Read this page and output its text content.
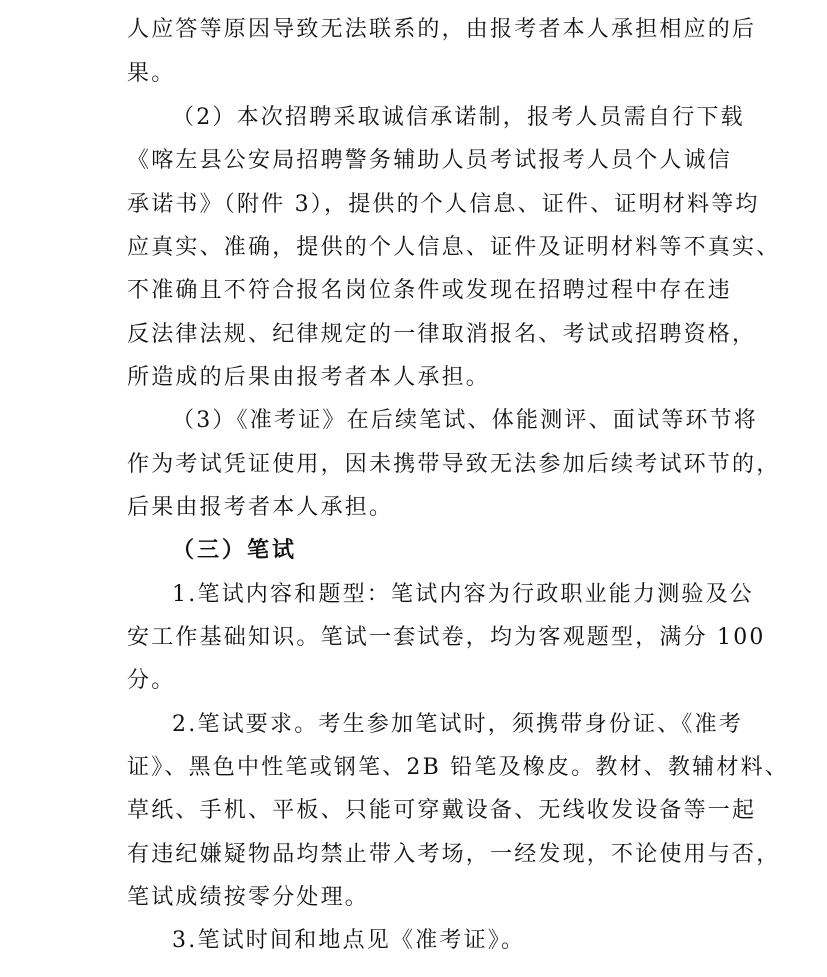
人应答等原因导致无法联系的，由报考者本人承担相应的后
果。
（2）本次招聘采取诚信承诺制，报考人员需自行下载
《喀左县公安局招聘警务辅助人员考试报考人员个人诚信
承诺书》（附件 3），提供的个人信息、证件、证明材料等均
应真实、准确，提供的个人信息、证件及证明材料等不真实、
不准确且不符合报名岗位条件或发现在招聘过程中存在违
反法律法规、纪律规定的一律取消报名、考试或招聘资格，
所造成的后果由报考者本人承担。
（3）《准考证》在后续笔试、体能测评、面试等环节将
作为考试凭证使用，因未携带导致无法参加后续考试环节的，
后果由报考者本人承担。
（三）笔试
1.笔试内容和题型：笔试内容为行政职业能力测验及公
安工作基础知识。笔试一套试卷，均为客观题型，满分 100
分。
2.笔试要求。考生参加笔试时，须携带身份证、《准考
证》、黑色中性笔或钢笔、2B 铅笔及橡皮。教材、教辅材料、
草纸、手机、平板、只能可穿戴设备、无线收发设备等一起
有违纪嫌疑物品均禁止带入考场，一经发现，不论使用与否，
笔试成绩按零分处理。
3.笔试时间和地点见《准考证》。
